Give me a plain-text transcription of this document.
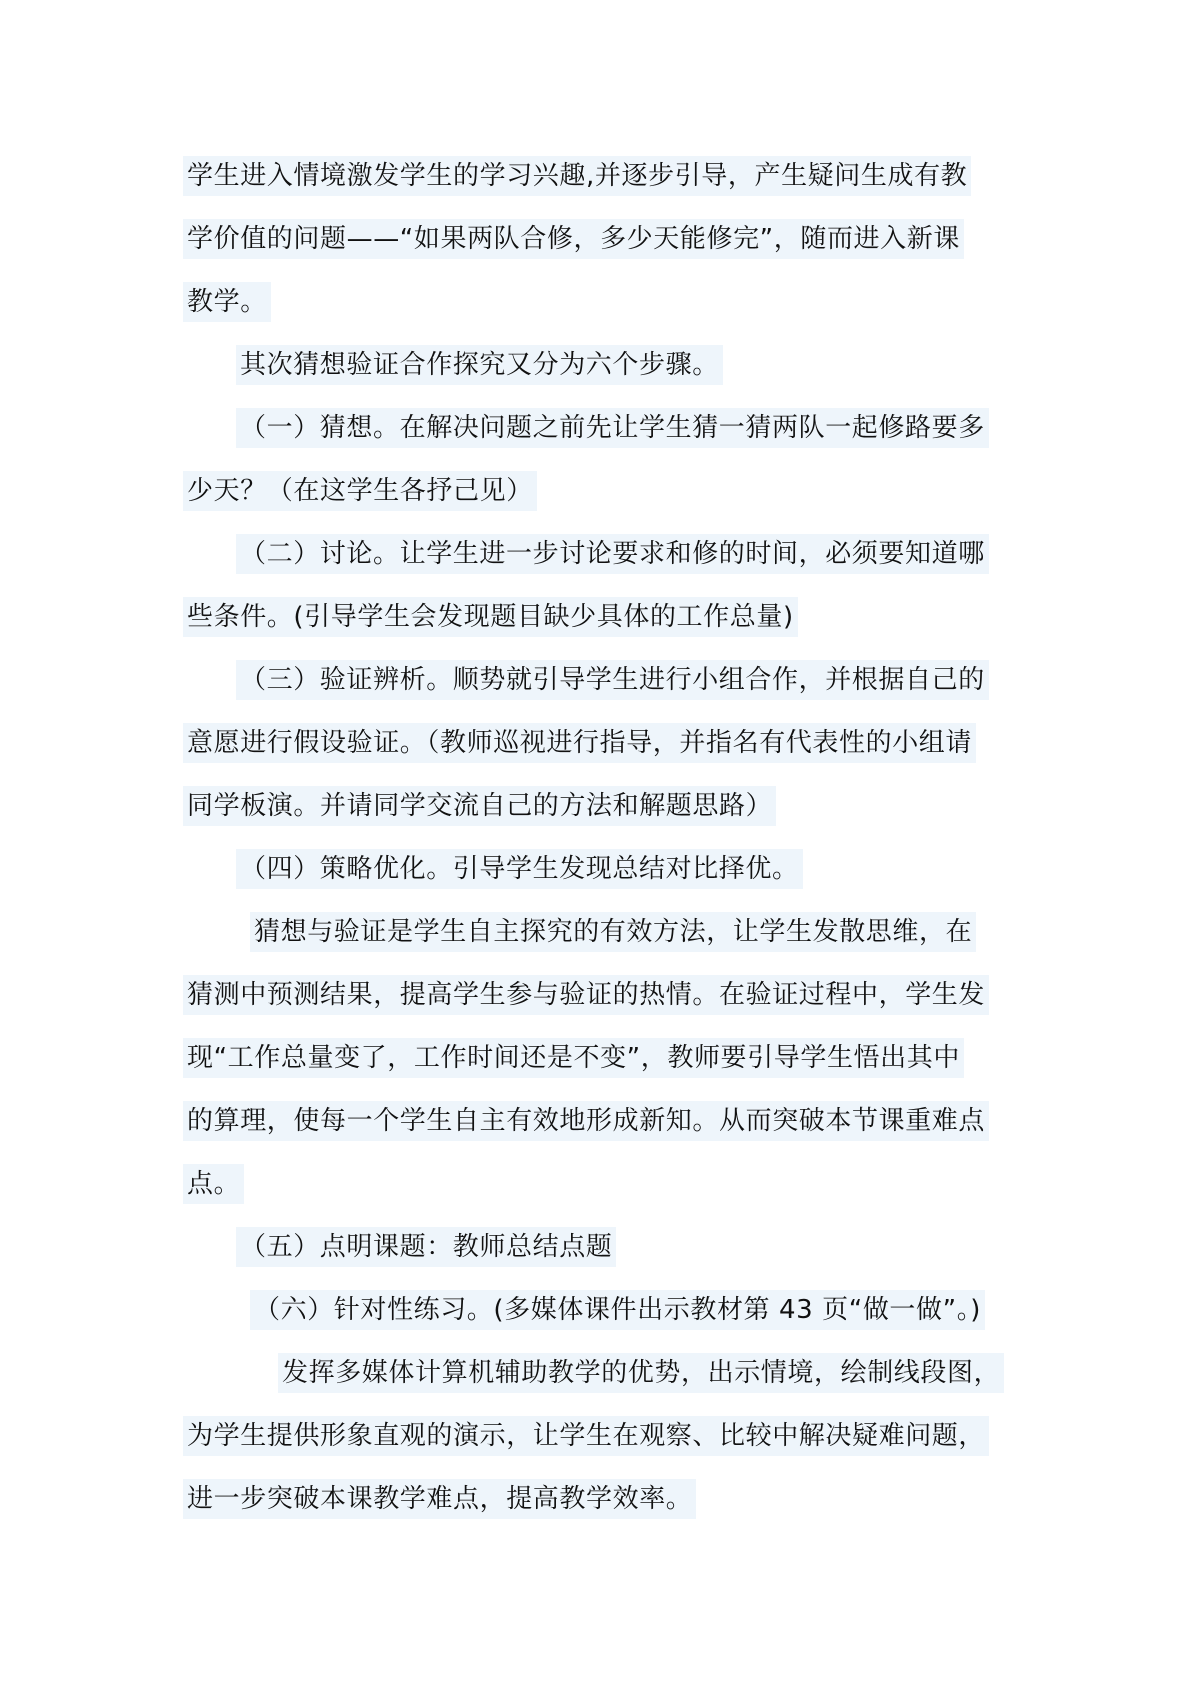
学生进入情境激发学生的学习兴趣,并逐步引导，产生疑问生成有教
学价值的问题——“如果两队合修，多少天能修完”，随而进入新课
教学。
其次猜想验证合作探究又分为六个步骤。
（一）猜想。在解决问题之前先让学生猜一猜两队一起修路要多
少天？（在这学生各抒己见）
（二）讨论。让学生进一步讨论要求和修的时间，必须要知道哪
些条件。(引导学生会发现题目缺少具体的工作总量)
（三）验证辨析。顺势就引导学生进行小组合作，并根据自己的
意愿进行假设验证。（教师巡视进行指导，并指名有代表性的小组请
同学板演。并请同学交流自己的方法和解题思路）
（四）策略优化。引导学生发现总结对比择优。
猜想与验证是学生自主探究的有效方法，让学生发散思维，在
猜测中预测结果，提高学生参与验证的热情。在验证过程中，学生发
现“工作总量变了，工作时间还是不变”，教师要引导学生悟出其中
的算理，使每一个学生自主有效地形成新知。从而突破本节课重难点
点。
（五）点明课题：教师总结点题
（六）针对性练习。(多媒体课件出示教材第 43 页“做一做”。)
发挥多媒体计算机辅助教学的优势，出示情境，绘制线段图，
为学生提供形象直观的演示，让学生在观察、比较中解决疑难问题，
进一步突破本课教学难点，提高教学效率。
